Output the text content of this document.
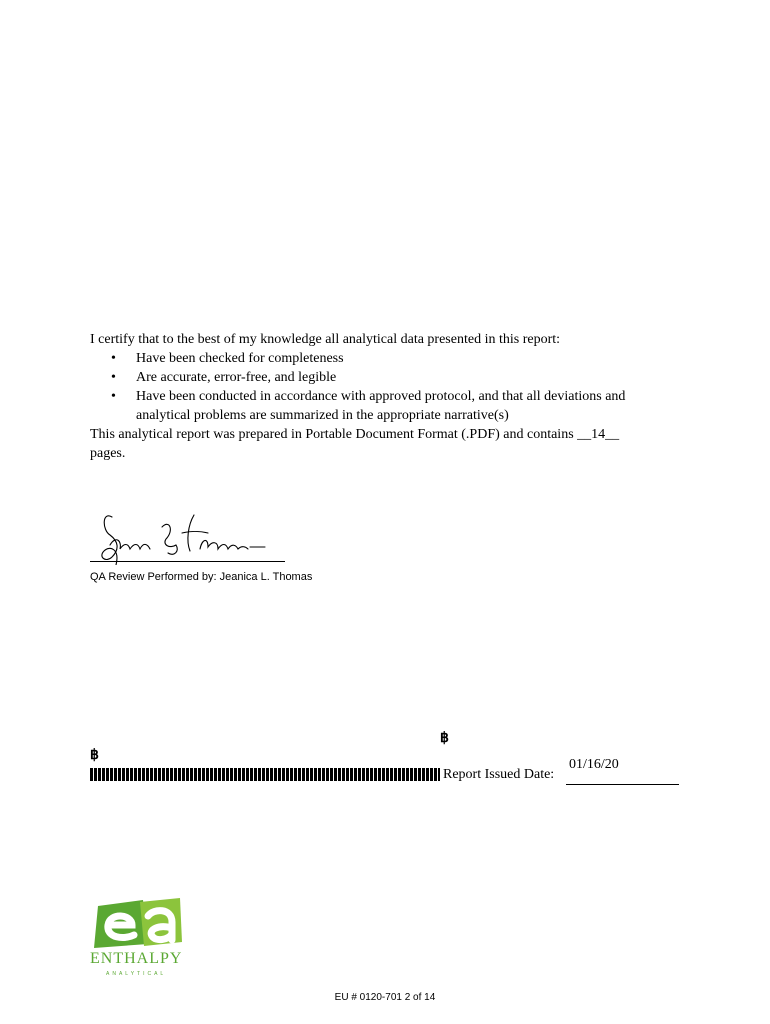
I certify that to the best of my knowledge all analytical data presented in this report:
• Have been checked for completeness
• Are accurate, error-free, and legible
• Have been conducted in accordance with approved protocol, and that all deviations and
analytical problems are summarized in the appropriate narrative(s)
This analytical report was prepared in Portable Document Format (.PDF) and contains __14__
pages.
QA Review Performed by: Jeanica L. Thomas
฿
฿
01/16/20
Report Issued Date:
ENTHALPY
ANALYTICAL
EU # 0120-701 2 of 14
